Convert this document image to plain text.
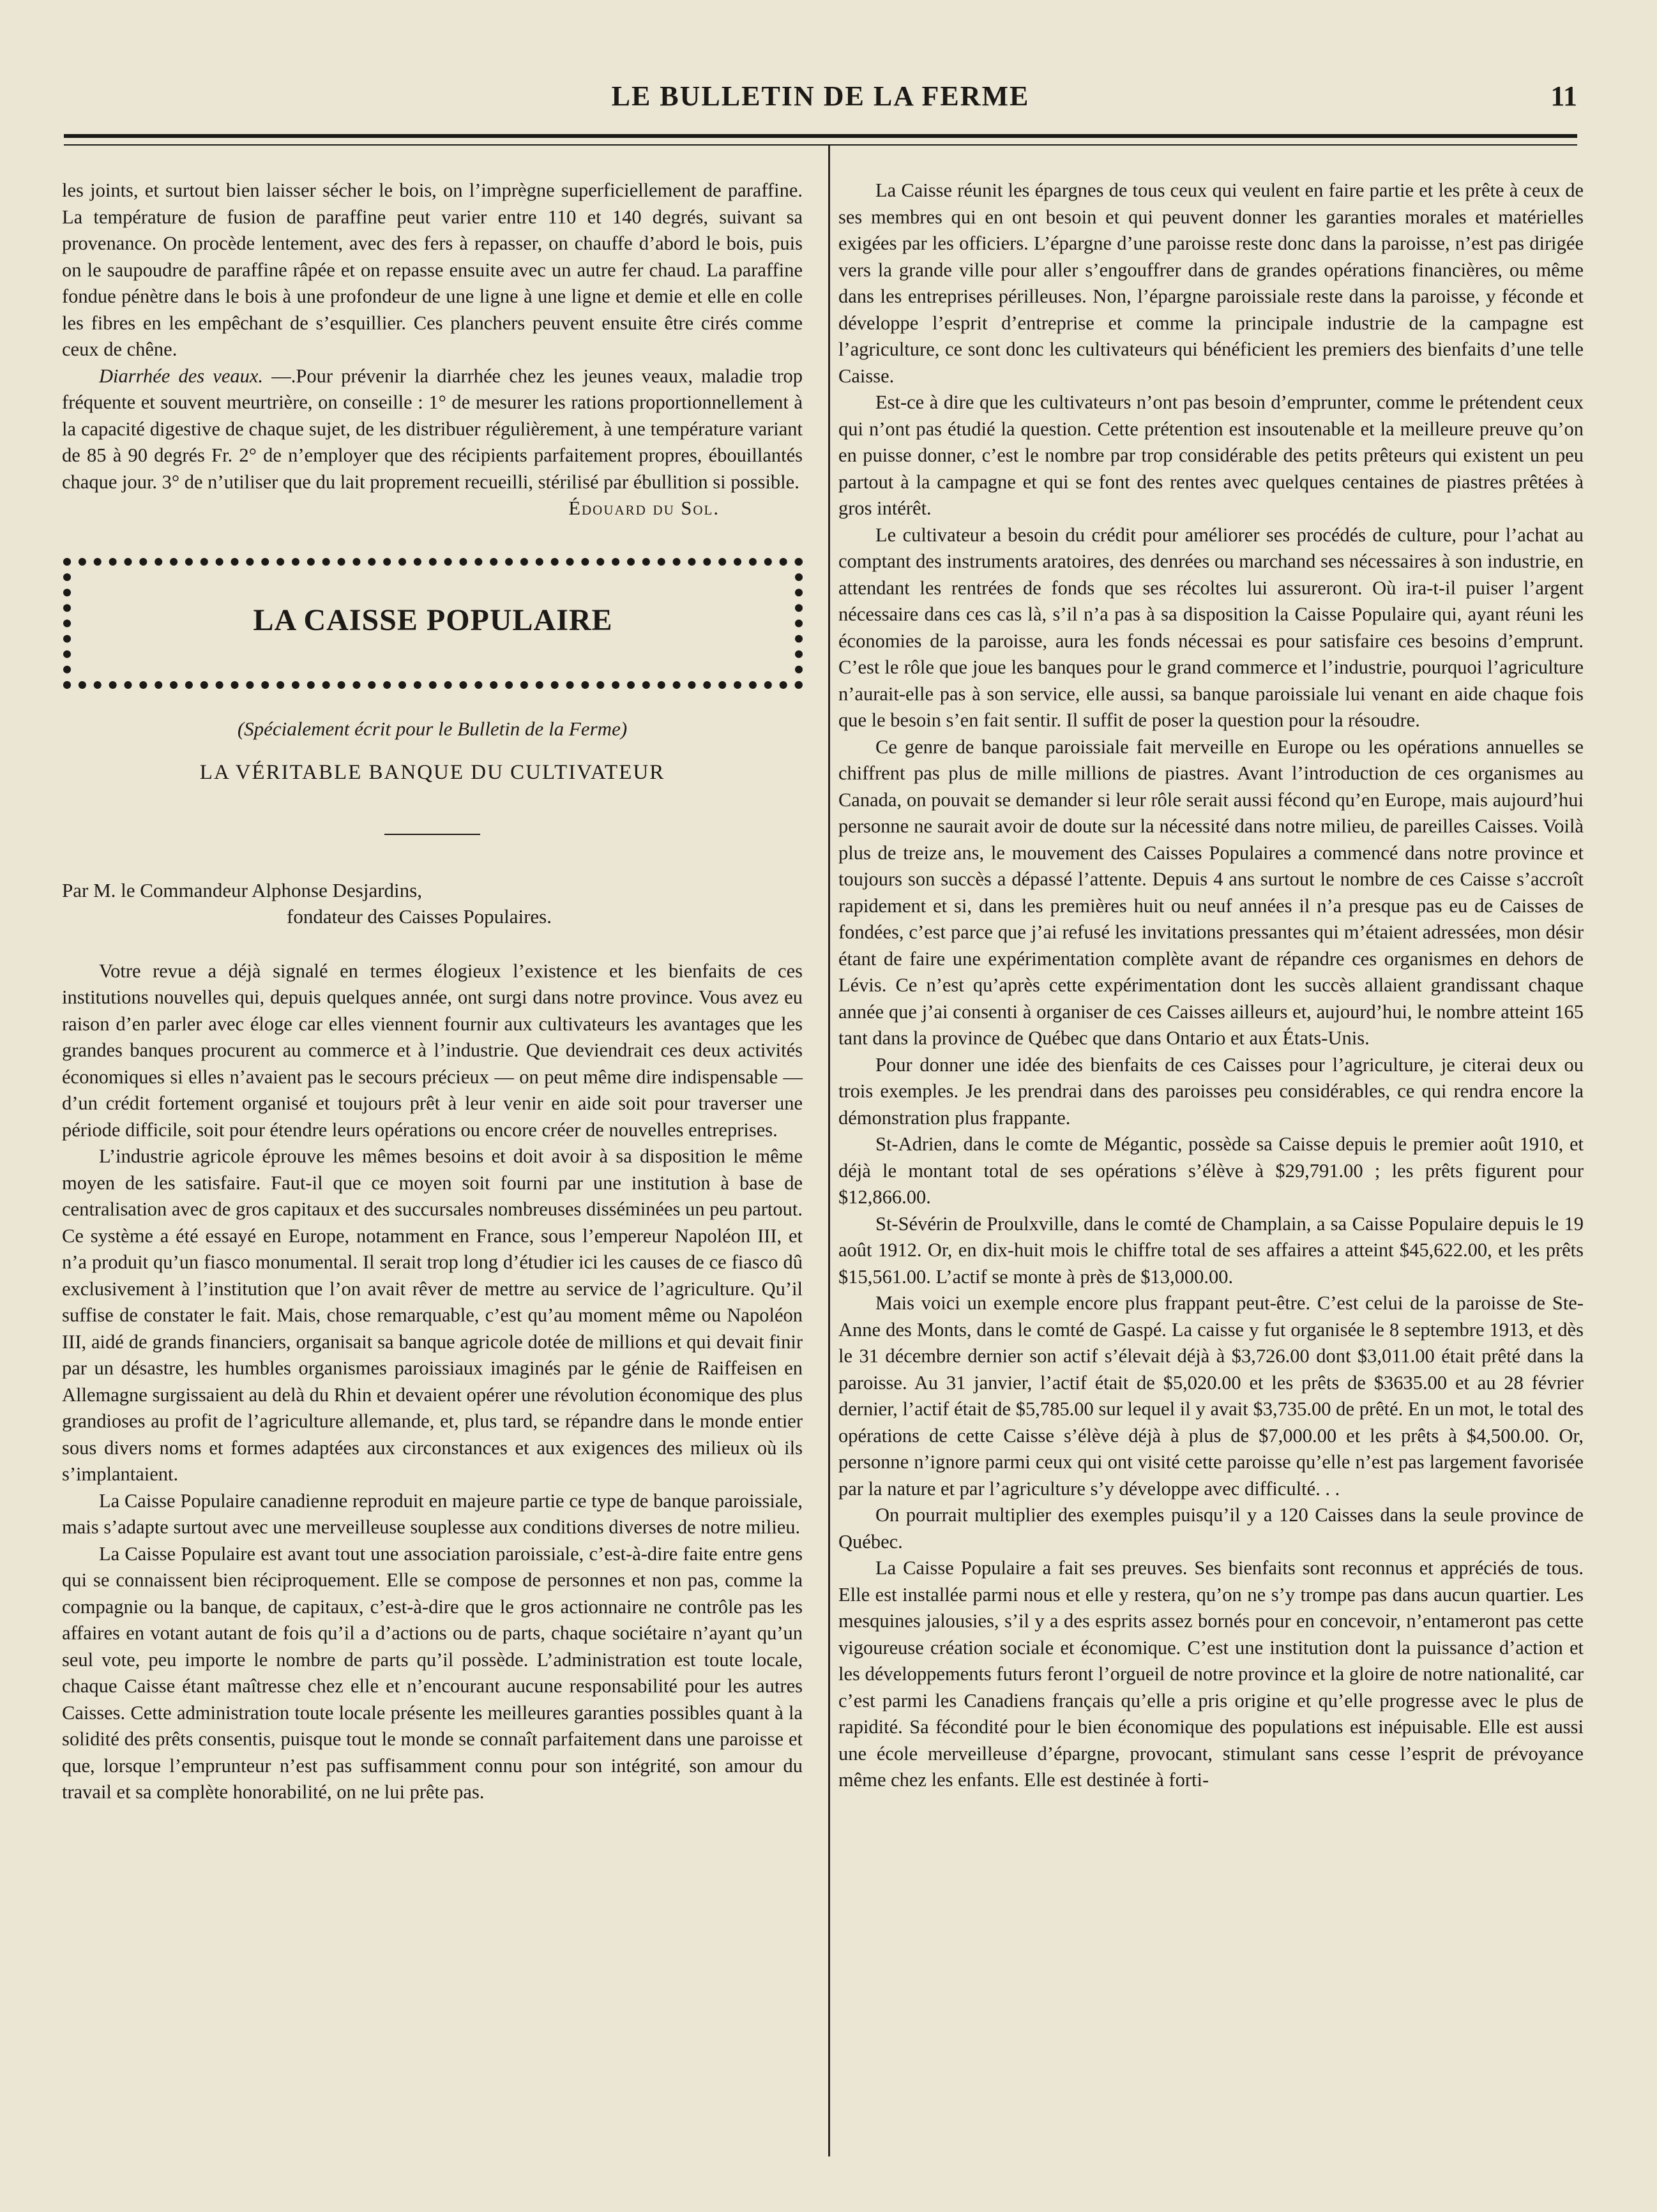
LE BULLETIN DE LA FERME	11

les joints, et surtout bien laisser sécher le bois, on l’imprègne superficiellement de paraffine. La température de fusion de paraffine peut varier entre 110 et 140 degrés, suivant sa provenance. On procède lentement, avec des fers à repasser, on chauffe d’abord le bois, puis on le saupoudre de paraffine râpée et on repasse ensuite avec un autre fer chaud. La paraffine fondue pénètre dans le bois à une profondeur de une ligne à une ligne et demie et elle en colle les fibres en les empêchant de s’esquillier. Ces planchers peuvent ensuite être cirés comme ceux de chêne.

Diarrhée des veaux. —.Pour prévenir la diarrhée chez les jeunes veaux, maladie trop fréquente et souvent meurtrière, on conseille : 1° de mesurer les rations proportionnellement à la capacité digestive de chaque sujet, de les distribuer régulièrement, à une température variant de 85 à 90 degrés Fr. 2° de n’employer que des récipients parfaitement propres, ébouillantés chaque jour. 3° de n’utiliser que du lait proprement recueilli, stérilisé par ébullition si possible.

Édouard du Sol.

LA CAISSE POPULAIRE

(Spécialement écrit pour le Bulletin de la Ferme)

LA VÉRITABLE BANQUE DU CULTIVATEUR

Par M. le Commandeur Alphonse Desjardins,
fondateur des Caisses Populaires.

Votre revue a déjà signalé en termes élogieux l’existence et les bienfaits de ces institutions nouvelles qui, depuis quelques année, ont surgi dans notre province. Vous avez eu raison d’en parler avec éloge car elles viennent fournir aux cultivateurs les avantages que les grandes banques procurent au commerce et à l’industrie. Que deviendrait ces deux activités économiques si elles n’avaient pas le secours précieux — on peut même dire indispensable — d’un crédit fortement organisé et toujours prêt à leur venir en aide soit pour traverser une période difficile, soit pour étendre leurs opérations ou encore créer de nouvelles entreprises.

L’industrie agricole éprouve les mêmes besoins et doit avoir à sa disposition le même moyen de les satisfaire. Faut-il que ce moyen soit fourni par une institution à base de centralisation avec de gros capitaux et des succursales nombreuses disséminées un peu partout. Ce système a été essayé en Europe, notamment en France, sous l’empereur Napoléon III, et n’a produit qu’un fiasco monumental. Il serait trop long d’étudier ici les causes de ce fiasco dû exclusivement à l’institution que l’on avait rêver de mettre au service de l’agriculture. Qu’il suffise de constater le fait. Mais, chose remarquable, c’est qu’au moment même ou Napoléon III, aidé de grands financiers, organisait sa banque agricole dotée de millions et qui devait finir par un désastre, les humbles organismes paroissiaux imaginés par le génie de Raiffeisen en Allemagne surgissaient au delà du Rhin et devaient opérer une révolution économique des plus grandioses au profit de l’agriculture allemande, et, plus tard, se répandre dans le monde entier sous divers noms et formes adaptées aux circonstances et aux exigences des milieux où ils s’implantaient.

La Caisse Populaire canadienne reproduit en majeure partie ce type de banque paroissiale, mais s’adapte surtout avec une merveilleuse souplesse aux conditions diverses de notre milieu.

La Caisse Populaire est avant tout une association paroissiale, c’est-à-dire faite entre gens qui se connaissent bien réciproquement. Elle se compose de personnes et non pas, comme la compagnie ou la banque, de capitaux, c’est-à-dire que le gros actionnaire ne contrôle pas les affaires en votant autant de fois qu’il a d’actions ou de parts, chaque sociétaire n’ayant qu’un seul vote, peu importe le nombre de parts qu’il possède. L’administration est toute locale, chaque Caisse étant maîtresse chez elle et n’encourant aucune responsabilité pour les autres Caisses. Cette administration toute locale présente les meilleures garanties possibles quant à la solidité des prêts consentis, puisque tout le monde se connaît parfaitement dans une paroisse et que, lorsque l’emprunteur n’est pas suffisamment connu pour son intégrité, son amour du travail et sa complète honorabilité, on ne lui prête pas.

La Caisse réunit les épargnes de tous ceux qui veulent en faire partie et les prête à ceux de ses membres qui en ont besoin et qui peuvent donner les garanties morales et matérielles exigées par les officiers. L’épargne d’une paroisse reste donc dans la paroisse, n’est pas dirigée vers la grande ville pour aller s’engouffrer dans de grandes opérations financières, ou même dans les entreprises périlleuses. Non, l’épargne paroissiale reste dans la paroisse, y féconde et développe l’esprit d’entreprise et comme la principale industrie de la campagne est l’agriculture, ce sont donc les cultivateurs qui bénéficient les premiers des bienfaits d’une telle Caisse.

Est-ce à dire que les cultivateurs n’ont pas besoin d’emprunter, comme le prétendent ceux qui n’ont pas étudié la question. Cette prétention est insoutenable et la meilleure preuve qu’on en puisse donner, c’est le nombre par trop considérable des petits prêteurs qui existent un peu partout à la campagne et qui se font des rentes avec quelques centaines de piastres prêtées à gros intérêt.

Le cultivateur a besoin du crédit pour améliorer ses procédés de culture, pour l’achat au comptant des instruments aratoires, des denrées ou marchand ses nécessaires à son industrie, en attendant les rentrées de fonds que ses récoltes lui assureront. Où ira-t-il puiser l’argent nécessaire dans ces cas là, s’il n’a pas à sa disposition la Caisse Populaire qui, ayant réuni les économies de la paroisse, aura les fonds nécessai es pour satisfaire ces besoins d’emprunt. C’est le rôle que joue les banques pour le grand commerce et l’industrie, pourquoi l’agriculture n’aurait-elle pas à son service, elle aussi, sa banque paroissiale lui venant en aide chaque fois que le besoin s’en fait sentir. Il suffit de poser la question pour la résoudre.

Ce genre de banque paroissiale fait merveille en Europe ou les opérations annuelles se chiffrent pas plus de mille millions de piastres. Avant l’introduction de ces organismes au Canada, on pouvait se demander si leur rôle serait aussi fécond qu’en Europe, mais aujourd’hui personne ne saurait avoir de doute sur la nécessité dans notre milieu, de pareilles Caisses. Voilà plus de treize ans, le mouvement des Caisses Populaires a commencé dans notre province et toujours son succès a dépassé l’attente. Depuis 4 ans surtout le nombre de ces Caisse s’accroît rapidement et si, dans les premières huit ou neuf années il n’a presque pas eu de Caisses de fondées, c’est parce que j’ai refusé les invitations pressantes qui m’étaient adressées, mon désir étant de faire une expérimentation complète avant de répandre ces organismes en dehors de Lévis. Ce n’est qu’après cette expérimentation dont les succès allaient grandissant chaque année que j’ai consenti à organiser de ces Caisses ailleurs et, aujourd’hui, le nombre atteint 165 tant dans la province de Québec que dans Ontario et aux États-Unis.

Pour donner une idée des bienfaits de ces Caisses pour l’agriculture, je citerai deux ou trois exemples. Je les prendrai dans des paroisses peu considérables, ce qui rendra encore la démonstration plus frappante.

St-Adrien, dans le comte de Mégantic, possède sa Caisse depuis le premier août 1910, et déjà le montant total de ses opérations s’élève à $29,791.00 ; les prêts figurent pour $12,866.00.

St-Sévérin de Proulxville, dans le comté de Champlain, a sa Caisse Populaire depuis le 19 août 1912. Or, en dix-huit mois le chiffre total de ses affaires a atteint $45,622.00, et les prêts $15,561.00. L’actif se monte à près de $13,000.00.

Mais voici un exemple encore plus frappant peut-être. C’est celui de la paroisse de Ste-Anne des Monts, dans le comté de Gaspé. La caisse y fut organisée le 8 septembre 1913, et dès le 31 décembre dernier son actif s’élevait déjà à $3,726.00 dont $3,011.00 était prêté dans la paroisse. Au 31 janvier, l’actif était de $5,020.00 et les prêts de $3635.00 et au 28 février dernier, l’actif était de $5,785.00 sur lequel il y avait $3,735.00 de prêté. En un mot, le total des opérations de cette Caisse s’élève déjà à plus de $7,000.00 et les prêts à $4,500.00. Or, personne n’ignore parmi ceux qui ont visité cette paroisse qu’elle n’est pas largement favorisée par la nature et par l’agriculture s’y développe avec difficulté. . .

On pourrait multiplier des exemples puisqu’il y a 120 Caisses dans la seule province de Québec.

La Caisse Populaire a fait ses preuves. Ses bienfaits sont reconnus et appréciés de tous. Elle est installée parmi nous et elle y restera, qu’on ne s’y trompe pas dans aucun quartier. Les mesquines jalousies, s’il y a des esprits assez bornés pour en concevoir, n’entameront pas cette vigoureuse création sociale et économique. C’est une institution dont la puissance d’action et les développements futurs feront l’orgueil de notre province et la gloire de notre nationalité, car c’est parmi les Canadiens français qu’elle a pris origine et qu’elle progresse avec le plus de rapidité. Sa fécondité pour le bien économique des populations est inépuisable. Elle est aussi une école merveilleuse d’épargne, provocant, stimulant sans cesse l’esprit de prévoyance même chez les enfants. Elle est destinée à forti-
